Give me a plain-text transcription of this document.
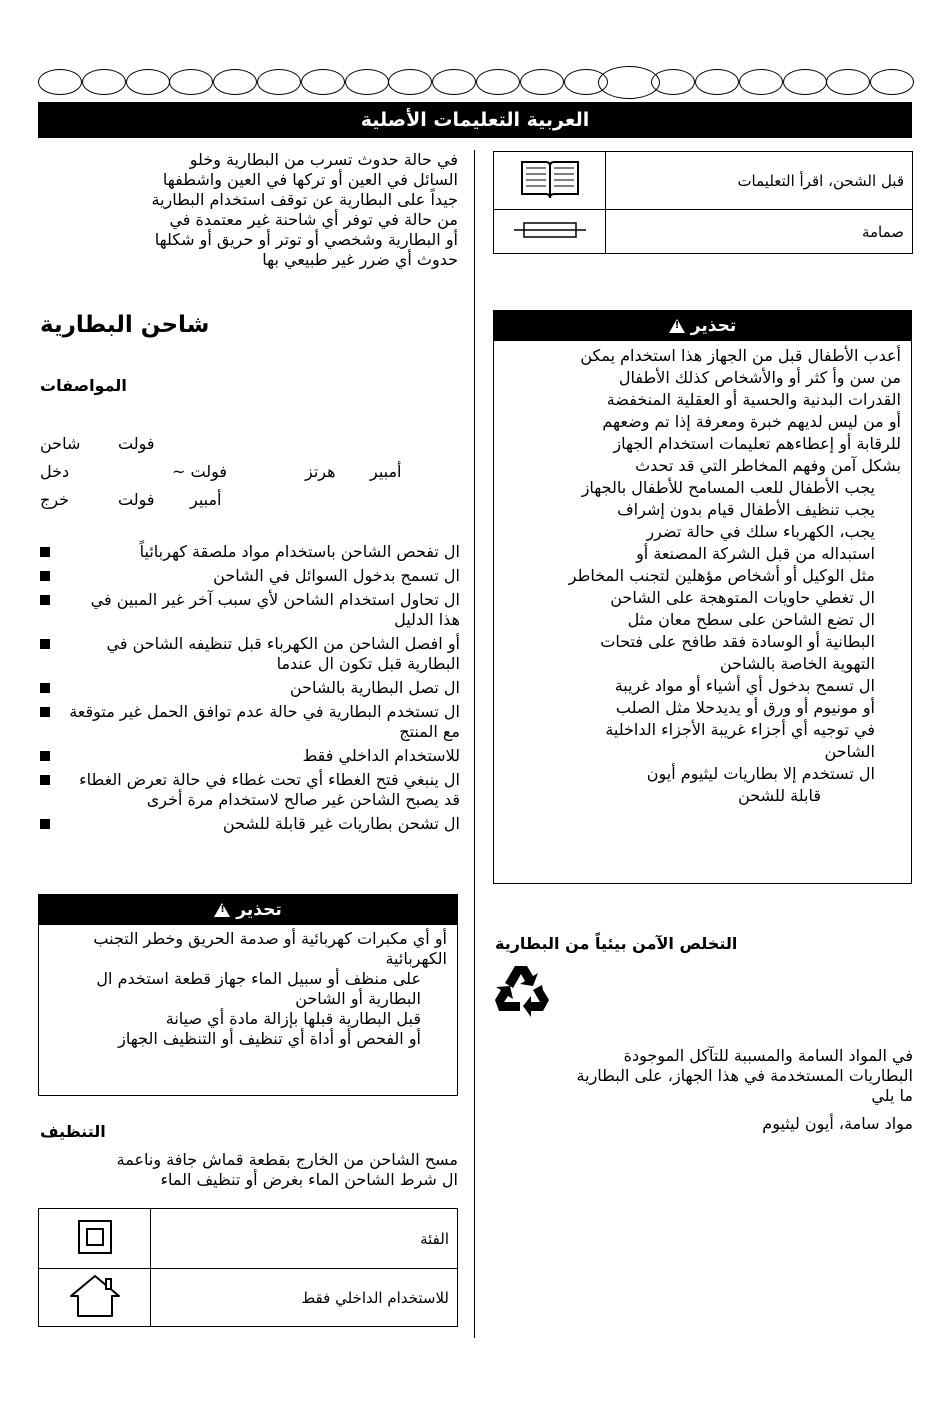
العربية التعليمات الأصلية
في حالة حدوث تسرب من البطارية وخلو
السائل في العين أو تركها في العين واشطفها
جيداً على البطارية عن توقف استخدام البطارية
من حالة في توفر أي شاحنة غير معتمدة في
أو البطارية وشخصي أو توتر أو حريق أو شكلها
حدوث أي ضرر غير طبيعي بها
شاحن البطارية
المواصفات
شاحن فولت
دخل	فولت ~	هرتز أمبير
خرج	فولت أمبير
ال تفحص الشاحن باستخدام مواد ملصقة كهربائياً
ال تسمح بدخول السوائل في الشاحن
ال تحاول استخدام الشاحن لأي سبب آخر غير المبين في هذا الدليل
أو افصل الشاحن من الكهرباء قبل تنظيفه الشاحن في البطارية قبل تكون ال عندما
ال تصل البطارية بالشاحن
ال تستخدم البطارية في حالة عدم توافق الحمل غير متوقعة مع المنتج
للاستخدام الداخلي فقط
ال ينبغي فتح الغطاء أي تحت غطاء في حالة تعرض الغطاء قد يصبح الشاحن غير صالح لاستخدام مرة أخرى
ال تشحن بطاريات غير قابلة للشحن
تحذير
!
أو أي مكبرات كهربائية أو صدمة الحريق وخطر التجنب الكهربائية
على منظف أو سبيل الماء جهاز قطعة استخدم ال البطارية أو الشاحن
قبل البطارية قبلها بإزالة مادة أي صيانة
أو الفحص أو أداة أي تنظيف أو التنظيف الجهاز
التنظيف
مسح الشاحن من الخارج بقطعة قماش جافة وناعمة
ال شرط الشاحن الماء بغرض أو تنظيف الماء
الفئة	
للاستخدام الداخلي فقط	
قبل الشحن، اقرأ التعليمات	
صمامة	
تحذير
!
أعدب الأطفال قبل من الجهاز هذا استخدام يمكن
من سن وأ كثر أو والأشخاص كذلك الأطفال
القدرات البدنية والحسية أو العقلية المنخفضة
أو من ليس لديهم خبرة ومعرفة إذا تم وضعهم
للرقابة أو إعطاءهم تعليمات استخدام الجهاز
بشكل آمن وفهم المخاطر التي قد تحدث
يجب الأطفال للعب المسامح للأطفال بالجهاز
يجب تنظيف الأطفال قيام بدون إشراف
يجب، الكهرباء سلك في حالة تضرر
استبداله من قبل الشركة المصنعة أو
مثل الوكيل أو أشخاص مؤهلين لتجنب المخاطر
ال تغطي حاويات المتوهجة على الشاحن
ال تضع الشاحن على سطح معان مثل
البطانية أو الوسادة فقد طافح على فتحات
التهوية الخاصة بالشاحن
ال تسمح بدخول أي أشياء أو مواد غريبة
أو مونيوم أو ورق أو يديدحلا مثل الصلب
في توجيه أي أجزاء غريبة الأجزاء الداخلية
الشاحن
ال تستخدم إلا بطاريات ليثيوم أيون
قابلة للشحن
التخلص الآمن بيئياً من البطارية
في المواد السامة والمسببة للتآكل الموجودة
البطاريات المستخدمة في هذا الجهاز، على البطارية
ما يلي
مواد سامة، أيون ليثيوم
